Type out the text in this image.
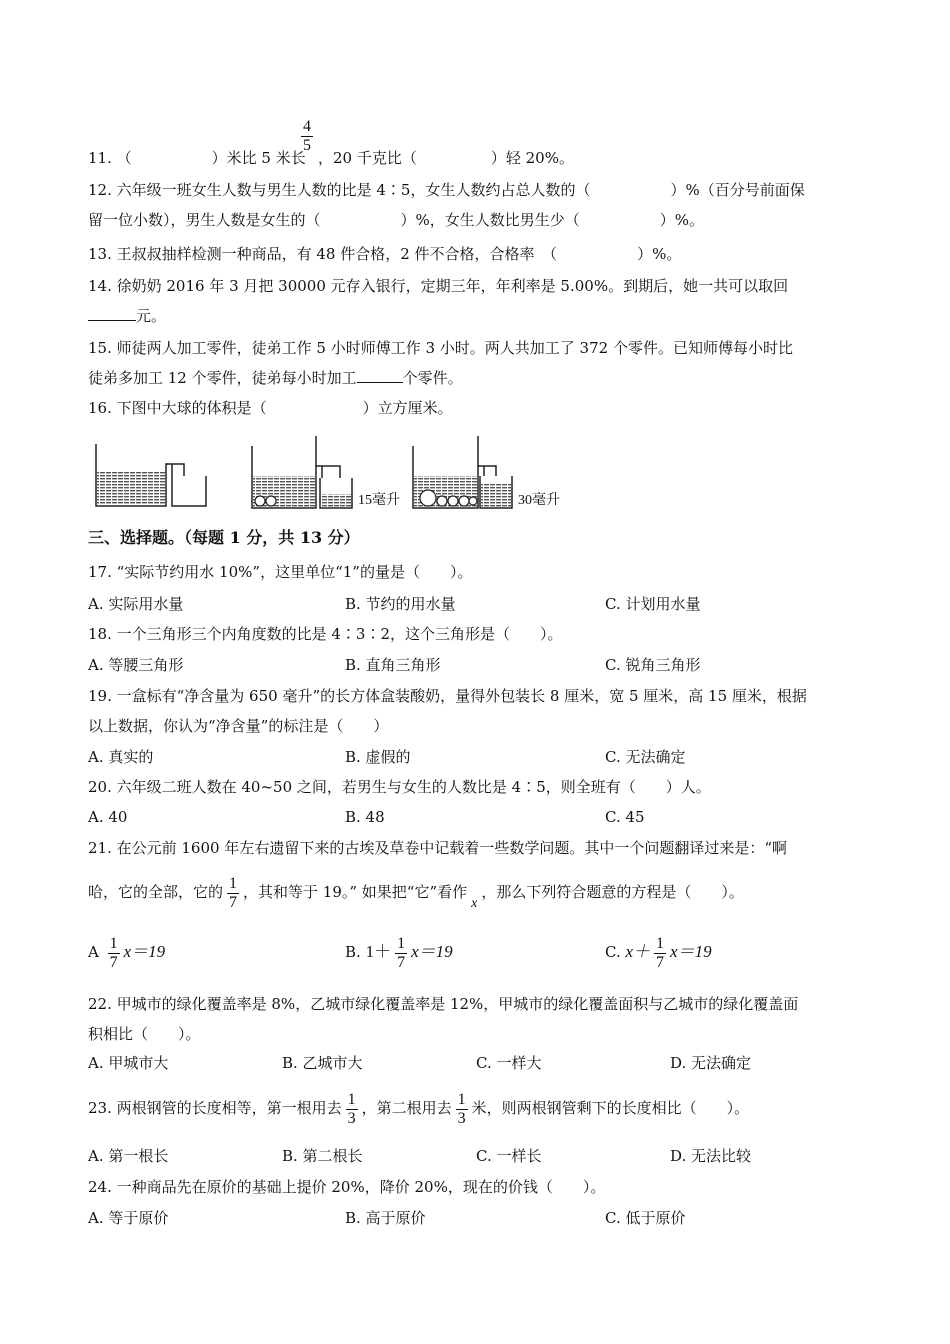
11. （	）米比 5 米长
$\frac{4}{5}$
，20 千克比（	）轻 20%。
12. 六年级一班女生人数与男生人数的比是 4∶5，女生人数约占总人数的（	）%（百分号前面保
留一位小数），男生人数是女生的（	）%，女生人数比男生少（	）%。
13. 王叔叔抽样检测一种商品，有 48 件合格，2 件不合格，合格率　（	）%。
14. 徐奶奶 2016 年 3 月把 30000 元存入银行，定期三年，年利率是 5.00%。到期后，她一共可以取回
元。
15. 师徒两人加工零件，徒弟工作 5 小时师傅工作 3 小时。两人共加工了 372 个零件。已知师傅每小时比
徒弟多加工 12 个零件，徒弟每小时加工	个零件。
16. 下图中大球的体积是（	）立方厘米。
15毫升	30毫升
三、选择题。（每题 1 分，共 13 分）
17. “实际节约用水 10%”，这里单位“1”的量是（　　）。
A. 实际用水量	B. 节约的用水量	C. 计划用水量
18. 一个三角形三个内角度数的比是 4∶3∶2，这个三角形是（　　）。
A. 等腰三角形	B. 直角三角形	C. 锐角三角形
19. 一盒标有“净含量为 650 毫升”的长方体盒装酸奶，量得外包装长 8 厘米，宽 5 厘米，高 15 厘米，根据
以上数据，你认为“净含量”的标注是（　　）
A. 真实的	B. 虚假的	C. 无法确定
20. 六年级二班人数在 40~50 之间，若男生与女生的人数比是 4∶5，则全班有（　　）人。
A. 40	B. 48	C. 45
21. 在公元前 1600 年左右遗留下来的古埃及草卷中记载着一些数学问题。其中一个问题翻译过来是：“啊
哈，它的全部，它的 $\frac{1}{7}$ ，其和等于 19。” 如果把“它”看作x，那么下列符合题意的方程是（　　）。
A $\frac{1}{7} x=19$	B. $1+ \frac{1}{7} x=19$	C. $x+ \frac{1}{7} x=19$
22. 甲城市的绿化覆盖率是 8%，乙城市绿化覆盖率是 12%，甲城市的绿化覆盖面积与乙城市的绿化覆盖面
积相比（　　）。
A. 甲城市大	B. 乙城市大	C. 一样大	D. 无法确定
23. 两根钢管的长度相等，第一根用去 $\frac{1}{3}$ ，第二根用去 $\frac{1}{3}$ 米，则两根钢管剩下的长度相比（　　）。
A. 第一根长	B. 第二根长	C. 一样长	D. 无法比较
24. 一种商品先在原价的基础上提价 20%，降价 20%，现在的价钱（　　）。
A. 等于原价	B. 高于原价	C. 低于原价
